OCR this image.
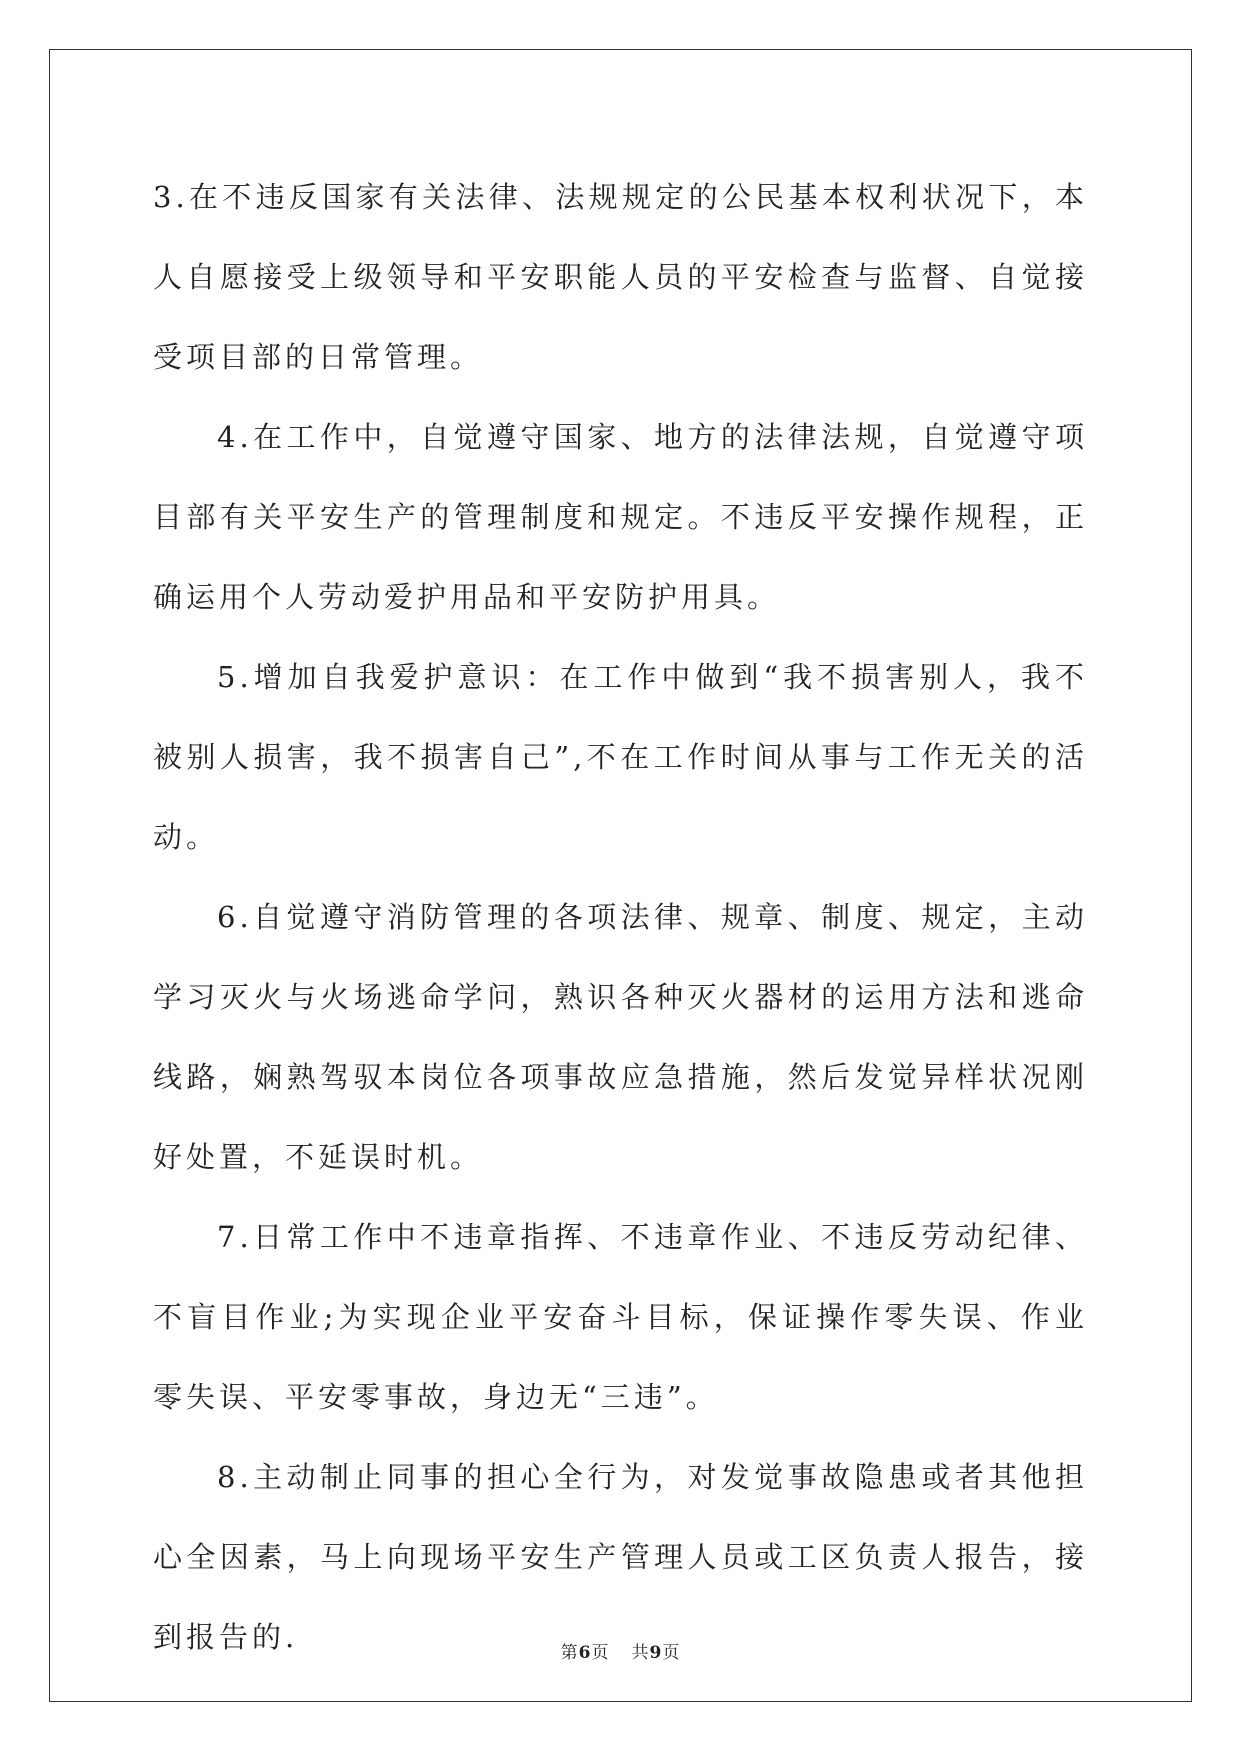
3.在不违反国家有关法律、法规规定的公民基本权利状况下，本人自愿接受上级领导和平安职能人员的平安检查与监督、自觉接受项目部的日常管理。

4.在工作中，自觉遵守国家、地方的法律法规，自觉遵守项目部有关平安生产的管理制度和规定。不违反平安操作规程，正确运用个人劳动爱护用品和平安防护用具。

5.增加自我爱护意识：在工作中做到“我不损害别人，我不被别人损害，我不损害自己”,不在工作时间从事与工作无关的活动。

6.自觉遵守消防管理的各项法律、规章、制度、规定，主动学习灭火与火场逃命学问，熟识各种灭火器材的运用方法和逃命线路，娴熟驾驭本岗位各项事故应急措施，然后发觉异样状况刚好处置，不延误时机。

7.日常工作中不违章指挥、不违章作业、不违反劳动纪律、不盲目作业;为实现企业平安奋斗目标，保证操作零失误、作业零失误、平安零事故，身边无“三违”。

8.主动制止同事的担心全行为，对发觉事故隐患或者其他担心全因素，马上向现场平安生产管理人员或工区负责人报告，接到报告的.	第6页 共9页
